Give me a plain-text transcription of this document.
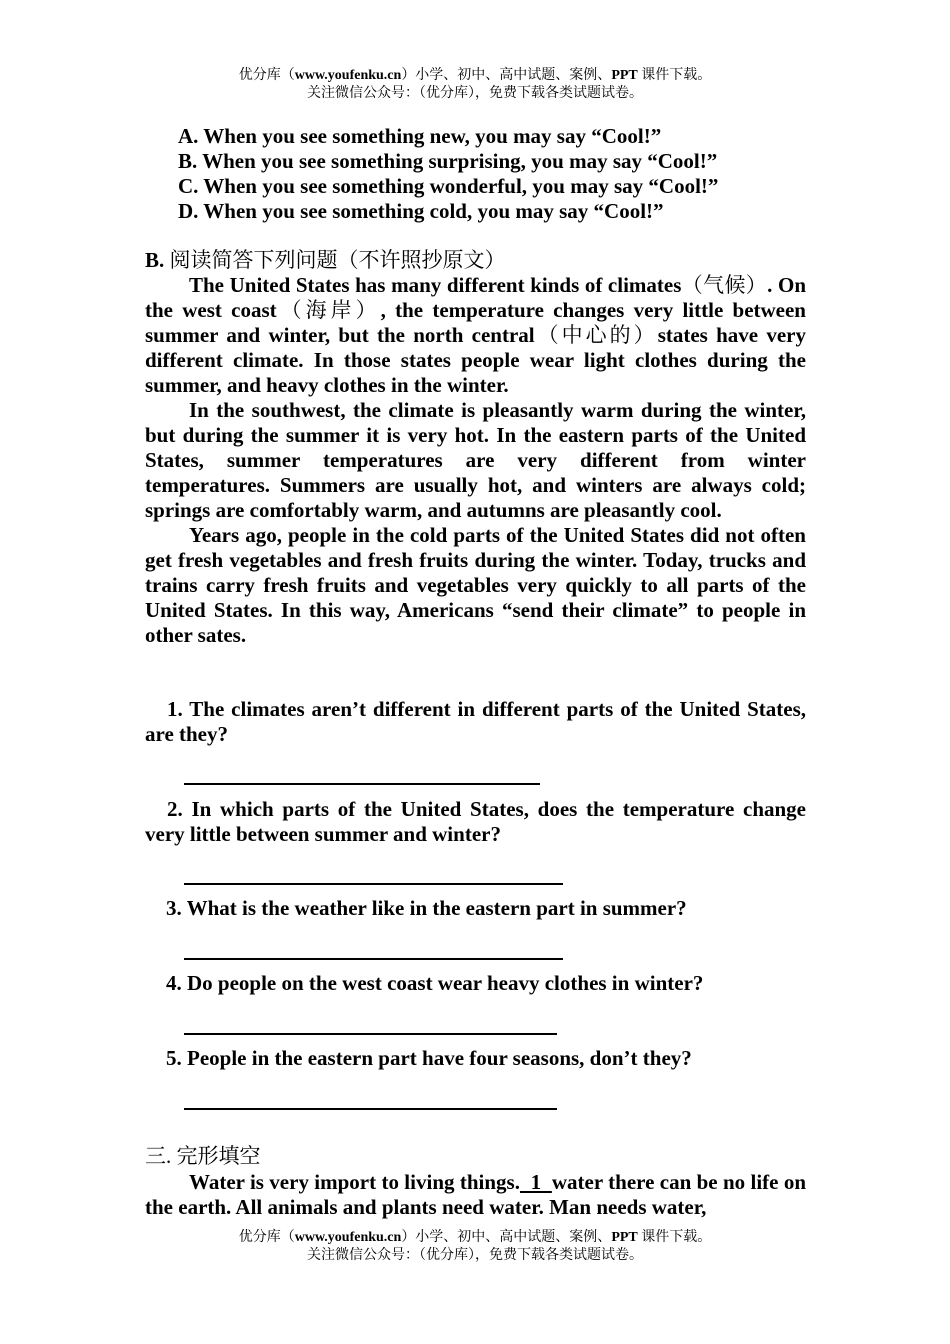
优分库（www.youfenku.cn）小学、初中、高中试题、案例、PPT 课件下载。
关注微信公众号：（优分库），免费下载各类试题试卷。
A. When you see something new, you may say “Cool!”
B. When you see something surprising, you may say “Cool!”
C. When you see something wonderful, you may say “Cool!”
D. When you see something cold, you may say “Cool!”
B. 阅读简答下列问题（不许照抄原文）

The United States has many different kinds of climates（气候）. On the west coast（海岸）, the temperature changes very little between summer and winter, but the north central（中心的）states have very different climate. In those states people wear light clothes during the summer, and heavy clothes in the winter.

In the southwest, the climate is pleasantly warm during the winter, but during the summer it is very hot. In the eastern parts of the United States, summer temperatures are very different from winter temperatures. Summers are usually hot, and winters are always cold; springs are comfortably warm, and autumns are pleasantly cool.

Years ago, people in the cold parts of the United States did not often get fresh vegetables and fresh fruits during the winter. Today, trucks and trains carry fresh fruits and vegetables very quickly to all parts of the United States. In this way, Americans “send their climate” to people in other sates.

1. The climates aren’t different in different parts of the United States, are they?
2. In which parts of the United States, does the temperature change very little between summer and winter?
3. What is the weather like in the eastern part in summer?
4. Do people on the west coast wear heavy clothes in winter?
5. People in the eastern part have four seasons, don’t they?
三. 完形填空

Water is very import to living things.  1  water there can be no life on the earth. All animals and plants need water. Man needs water,

优分库（www.youfenku.cn）小学、初中、高中试题、案例、PPT 课件下载。
关注微信公众号：（优分库），免费下载各类试题试卷。
